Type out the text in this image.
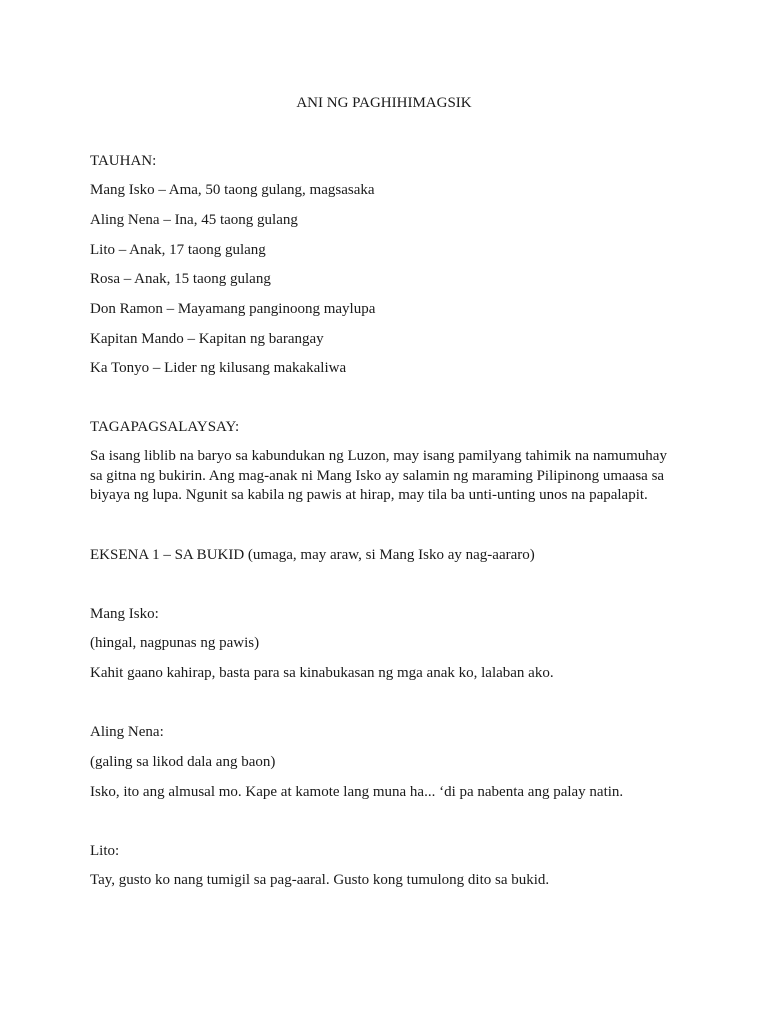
ANI NG PAGHIHIMAGSIK
TAUHAN:
Mang Isko – Ama, 50 taong gulang, magsasaka
Aling Nena – Ina, 45 taong gulang
Lito – Anak, 17 taong gulang
Rosa – Anak, 15 taong gulang
Don Ramon – Mayamang panginoong maylupa
Kapitan Mando – Kapitan ng barangay
Ka Tonyo – Lider ng kilusang makakaliwa
TAGAPAGSALAYSAY:
Sa isang liblib na baryo sa kabundukan ng Luzon, may isang pamilyang tahimik na namumuhay
sa gitna ng bukirin. Ang mag-anak ni Mang Isko ay salamin ng maraming Pilipinong umaasa sa
biyaya ng lupa. Ngunit sa kabila ng pawis at hirap, may tila ba unti-unting unos na papalapit.
EKSENA 1 – SA BUKID (umaga, may araw, si Mang Isko ay nag-aararo)
Mang Isko:
(hingal, nagpunas ng pawis)
Kahit gaano kahirap, basta para sa kinabukasan ng mga anak ko, lalaban ako.
Aling Nena:
(galing sa likod dala ang baon)
Isko, ito ang almusal mo. Kape at kamote lang muna ha... ‘di pa nabenta ang palay natin.
Lito:
Tay, gusto ko nang tumigil sa pag-aaral. Gusto kong tumulong dito sa bukid.
